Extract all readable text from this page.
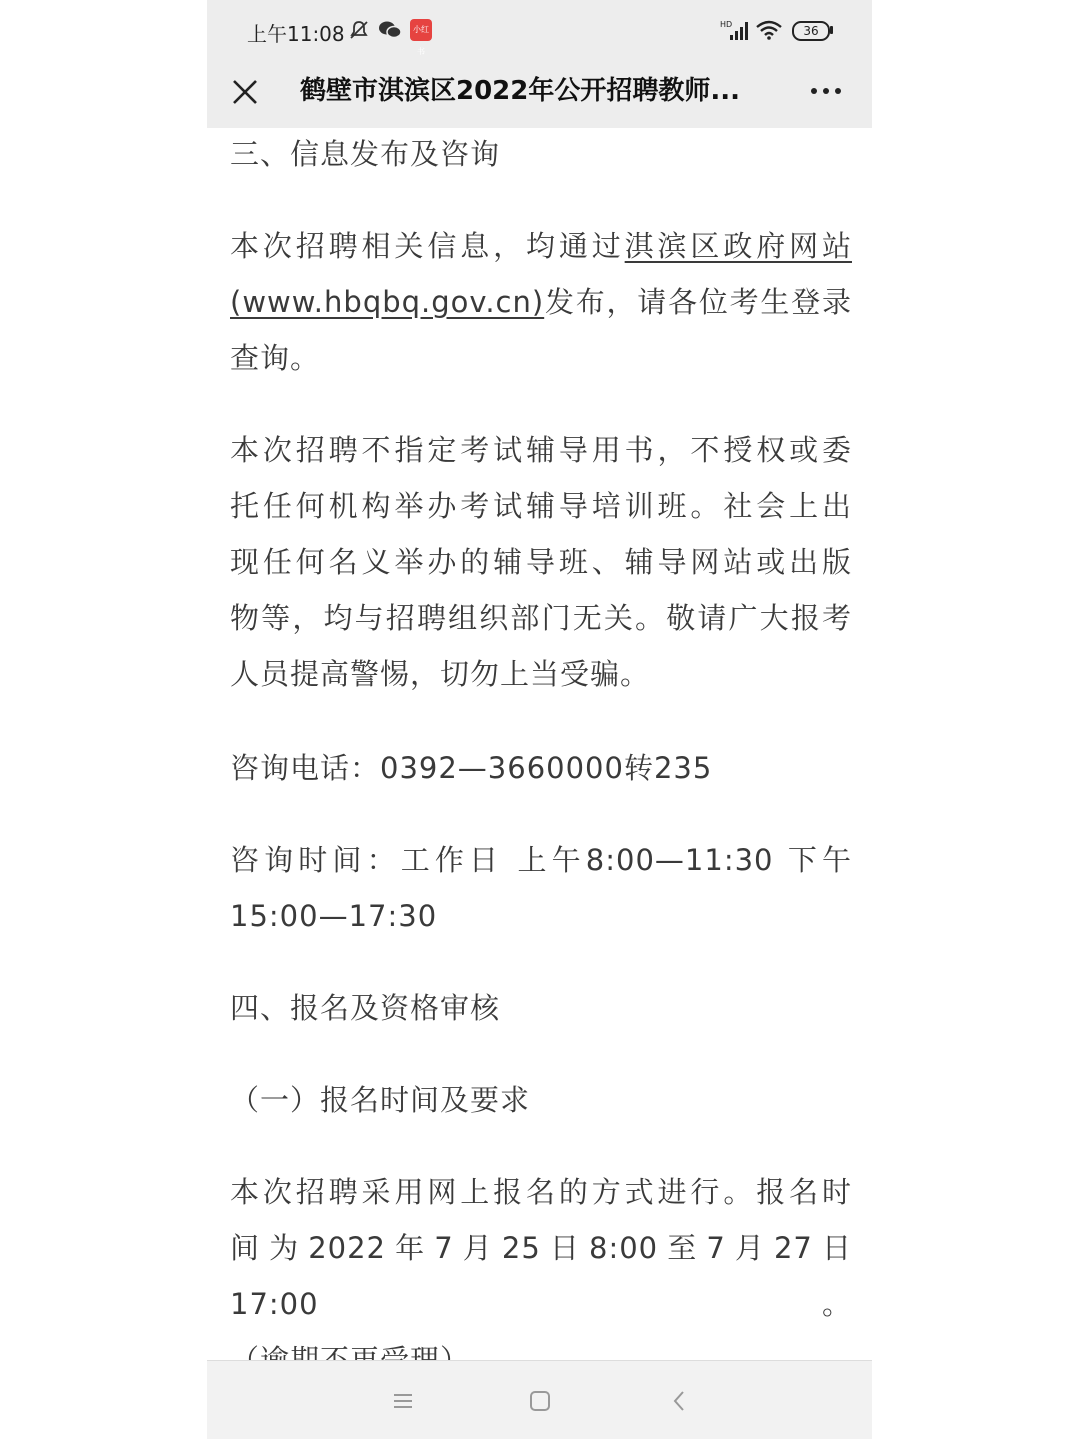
上午11:08	小红书
HD	36
鹤壁市淇滨区2022年公开招聘教师...

三、信息发布及咨询

本次招聘相关信息，均通过淇滨区政府网站

(www.hbqbq.gov.cn)发布，请各位考生登录

查询。

本次招聘不指定考试辅导用书，不授权或委

托任何机构举办考试辅导培训班。社会上出

现任何名义举办的辅导班、辅导网站或出版

物等，均与招聘组织部门无关。敬请广大报考

人员提高警惕，切勿上当受骗。

咨询电话：0392—3660000转235

咨询时间：工作日 上午8:00—11:30 下午

15:00—17:30

四、报名及资格审核

（一）报名时间及要求

本次招聘采用网上报名的方式进行。报名时

间为2022年7月25日8:00至7月27日17:00。
